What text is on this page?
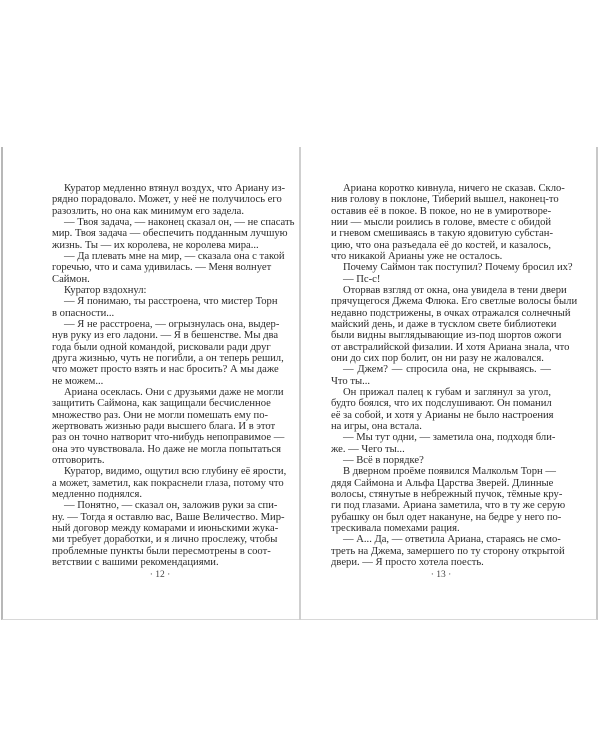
Куратор медленно втянул воздух, что Ариану из-
рядно порадовало. Может, у неё не получилось его
разозлить, но она как минимум его задела.
— Твоя задача, — наконец сказал он, — не спасать
мир. Твоя задача — обеспечить подданным лучшую
жизнь. Ты — их королева, не королева мира...
— Да плевать мне на мир, — сказала она с такой
горечью, что и сама удивилась. — Меня волнует
Саймон.
Куратор вздохнул:
— Я понимаю, ты расстроена, что мистер Торн
в опасности...
— Я не расстроена, — огрызнулась она, выдер-
нув руку из его ладони. — Я в бешенстве. Мы два
года были одной командой, рисковали ради друг
друга жизнью, чуть не погибли, а он теперь решил,
что может просто взять и нас бросить? А мы даже
не можем...
Ариана осеклась. Они с друзьями даже не могли
защитить Саймона, как защищали бесчисленное
множество раз. Они не могли помешать ему по-
жертвовать жизнью ради высшего блага. И в этот
раз он точно натворит что-нибудь непоправимое —
она это чувствовала. Но даже не могла попытаться
отговорить.
Куратор, видимо, ощутил всю глубину её ярости,
а может, заметил, как покраснели глаза, потому что
медленно поднялся.
— Понятно, — сказал он, заложив руки за спи-
ну. — Тогда я оставлю вас, Ваше Величество. Мир-
ный договор между комарами и июньскими жука-
ми требует доработки, и я лично прослежу, чтобы
проблемные пункты были пересмотрены в соот-
ветствии с вашими рекомендациями.
Ариана коротко кивнула, ничего не сказав. Скло-
нив голову в поклоне, Тиберий вышел, наконец-то
оставив её в покое. В покое, но не в умиротворе-
нии — мысли роились в голове, вместе с обидой
и гневом смешиваясь в такую ядовитую субстан-
цию, что она разъедала её до костей, и казалось,
что никакой Арианы уже не осталось.
Почему Саймон так поступил? Почему бросил их?
— Пс-с!
Оторвав взгляд от окна, она увидела в тени двери
прячущегося Джема Флюка. Его светлые волосы были
недавно подстрижены, в очках отражался солнечный
майский день, и даже в тусклом свете библиотеки
были видны выглядывающие из-под шортов ожоги
от австралийской физалии. И хотя Ариана знала, что
они до сих пор болит, он ни разу не жаловался.
— Джем? — спросила она, не скрываясь. —
Что ты...
Он прижал палец к губам и заглянул за угол,
будто боялся, что их подслушивают. Он поманил
её за собой, и хотя у Арианы не было настроения
на игры, она встала.
— Мы тут одни, — заметила она, подходя бли-
же. — Чего ты...
— Всё в порядке?
В дверном проёме появился Малкольм Торн —
дядя Саймона и Альфа Царства Зверей. Длинные
волосы, стянутые в небрежный пучок, тёмные кру-
ги под глазами. Ариана заметила, что в ту же серую
рубашку он был одет накануне, на бедре у него по-
трескивала помехами рация.
— А... Да, — ответила Ариана, стараясь не смо-
треть на Джема, замершего по ту сторону открытой
двери. — Я просто хотела поесть.
· 12 ·	· 13 ·
